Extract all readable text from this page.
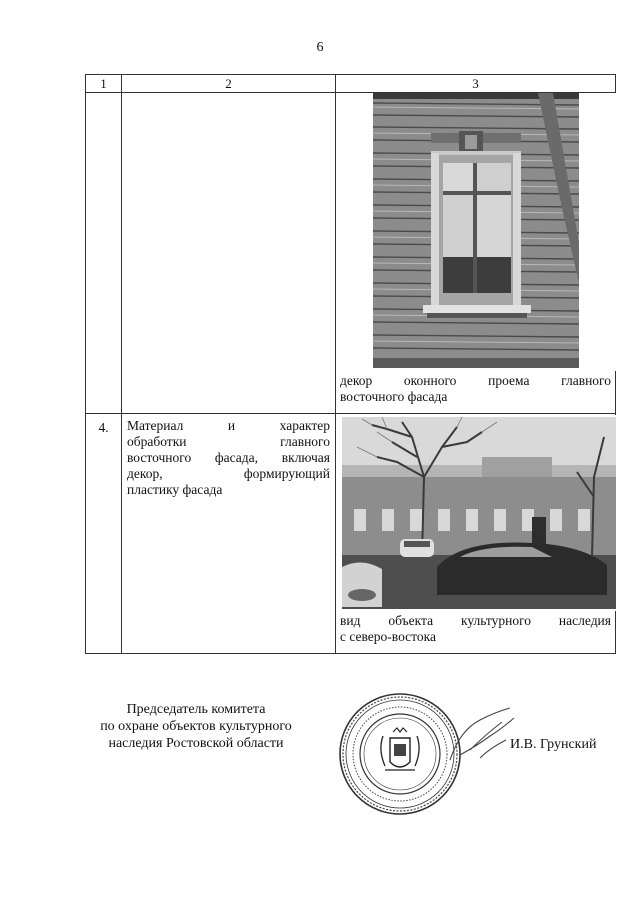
6
1	2	3

		декор оконного проема главного
восточного фасада

4.	Материал и характер
обработки главного
восточного фасада, включая
декор, формирующий
пластику фасада	вид объекта культурного наследия
с северо-востока
Председатель комитета
по охране объектов культурного
наследия Ростовской области	И.В. Грунский
